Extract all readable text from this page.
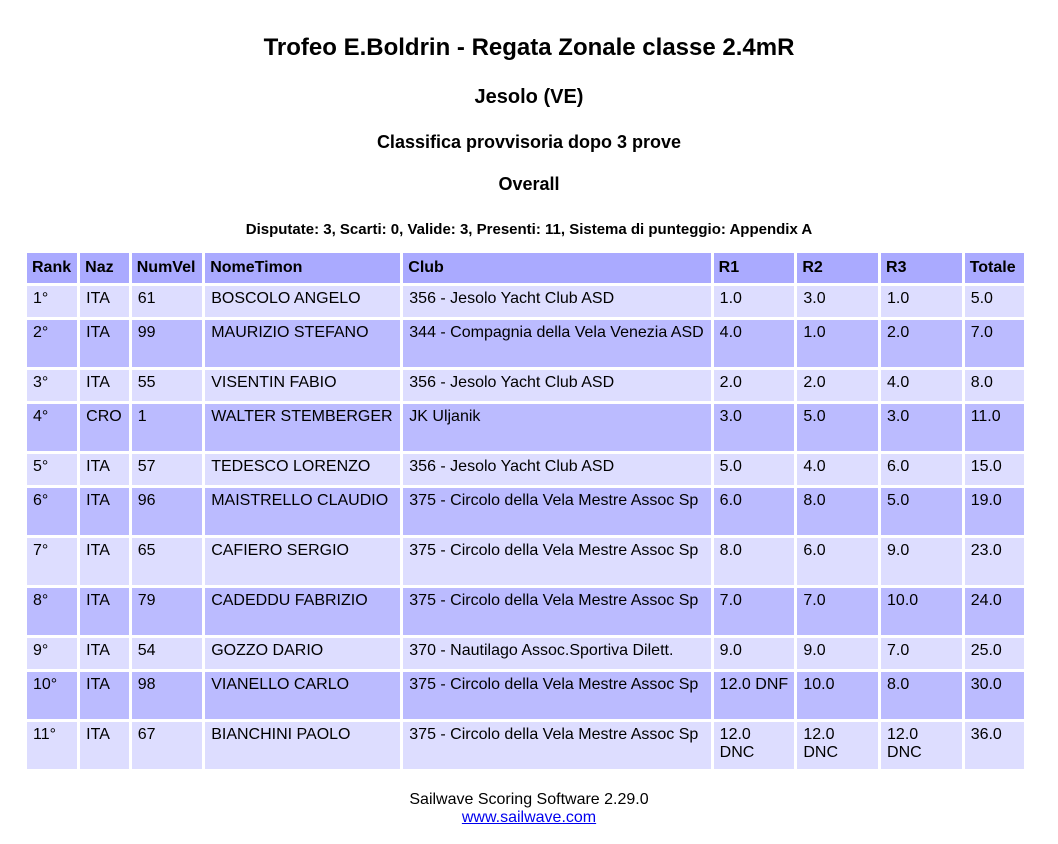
Trofeo E.Boldrin - Regata Zonale classe 2.4mR
Jesolo (VE)
Classifica provvisoria dopo 3 prove
Overall

Disputate: 3, Scarti: 0, Valide: 3, Presenti: 11, Sistema di punteggio: Appendix A

Rank	Naz	NumVel	NomeTimon	Club	R1	R2	R3	Totale
1°	ITA	61	BOSCOLO ANGELO	356 - Jesolo Yacht Club ASD	1.0	3.0	1.0	5.0
2°	ITA	99	MAURIZIO STEFANO	344 - Compagnia della Vela Venezia ASD	4.0	1.0	2.0	7.0
3°	ITA	55	VISENTIN FABIO	356 - Jesolo Yacht Club ASD	2.0	2.0	4.0	8.0
4°	CRO	1	WALTER STEMBERGER	JK Uljanik	3.0	5.0	3.0	11.0
5°	ITA	57	TEDESCO LORENZO	356 - Jesolo Yacht Club ASD	5.0	4.0	6.0	15.0
6°	ITA	96	MAISTRELLO CLAUDIO	375 - Circolo della Vela Mestre Assoc Sp	6.0	8.0	5.0	19.0
7°	ITA	65	CAFIERO SERGIO	375 - Circolo della Vela Mestre Assoc Sp	8.0	6.0	9.0	23.0
8°	ITA	79	CADEDDU FABRIZIO	375 - Circolo della Vela Mestre Assoc Sp	7.0	7.0	10.0	24.0
9°	ITA	54	GOZZO DARIO	370 - Nautilago Assoc.Sportiva Dilett.	9.0	9.0	7.0	25.0
10°	ITA	98	VIANELLO CARLO	375 - Circolo della Vela Mestre Assoc Sp	12.0 DNF	10.0	8.0	30.0
11°	ITA	67	BIANCHINI PAOLO	375 - Circolo della Vela Mestre Assoc Sp	12.0 DNC	12.0 DNC	12.0 DNC	36.0
Sailwave Scoring Software 2.29.0
www.sailwave.com
